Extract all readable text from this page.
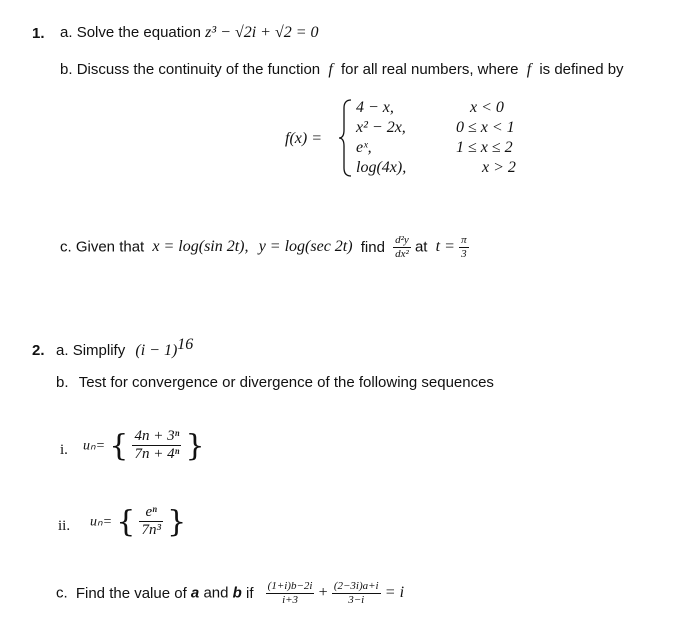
1. a. Solve the equation z³ − √2i + √2 = 0
b. Discuss the continuity of the function f for all real numbers, where f is defined by
f(x) =
4 − x,
x² − 2x,
eˣ,
log(4x),
x < 0
0 ≤ x < 1
1 ≤ x ≤ 2
x > 2
c. Given that x = log(sin 2t), y = log(sec 2t) find $\frac{\text{d²y}}{\text{dx²}}$ at $t = \frac{\pi}{3}$
2. a. Simplify $(i - 1)^{16}$
b. Test for convergence or divergence of the following sequences
i. uₙ= { $\frac{\text{4n + 3ⁿ}}{\text{7n + 4ⁿ}}$ }
ii. uₙ= { $\frac{\text{eⁿ}}{\text{7n³}}$ }
c. Find the value of a and b if $\frac{(1+i)b-2i}{i+3} + \frac{(2-3i)a+i}{3-i} = i$
